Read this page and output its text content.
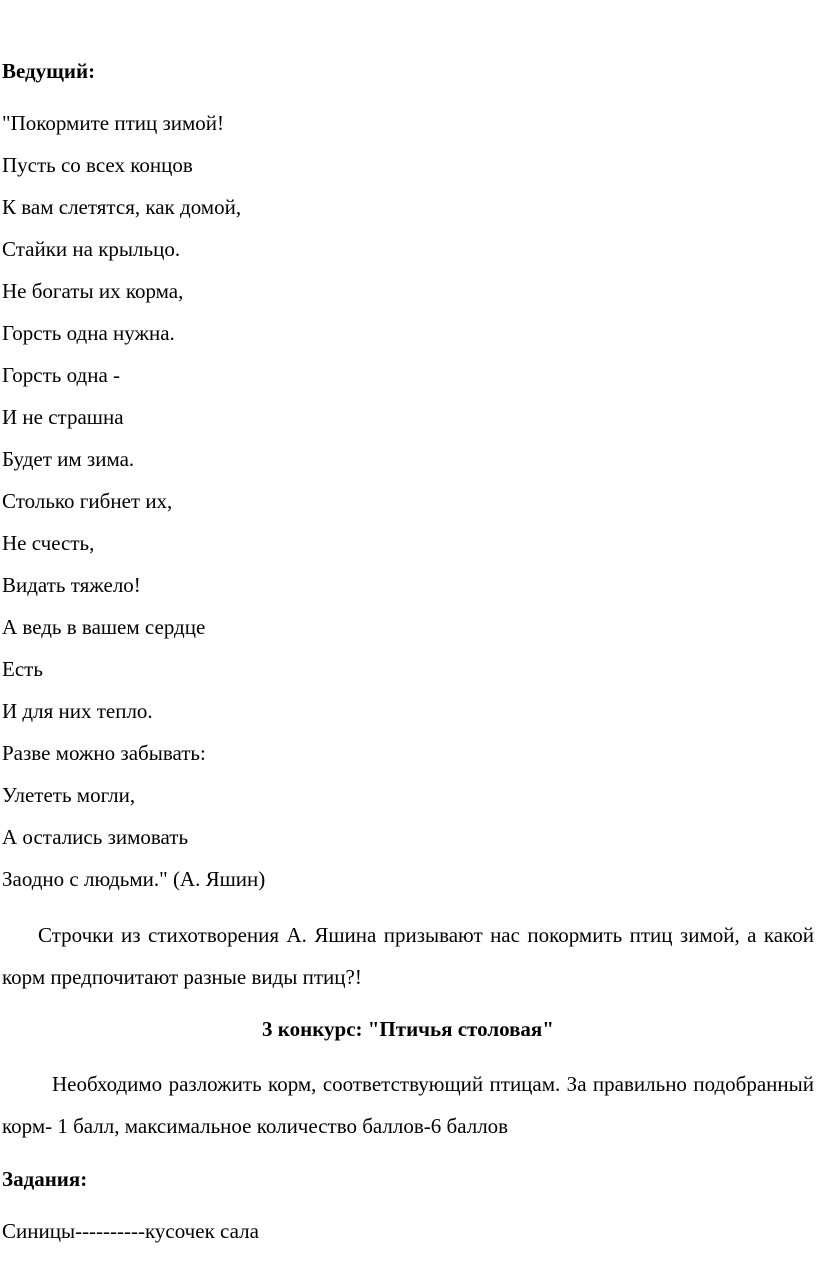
Ведущий:

"Покормите птиц зимой!

Пусть со всех концов

К вам слетятся, как домой,

Стайки на крыльцо.

Не богаты их корма,

Горсть одна нужна.

Горсть одна -

И не страшна

Будет им зима.

Столько гибнет их,

Не счесть,

Видать тяжело!

А ведь в вашем сердце

Есть

И для них тепло.

Разве можно забывать:

Улететь могли,

А остались зимовать

Заодно с людьми." (А. Яшин)

Строчки из стихотворения А. Яшина призывают нас покормить птиц зимой, а какой корм предпочитают разные виды птиц?!

3 конкурс: "Птичья столовая"

Необходимо разложить корм, соответствующий птицам. За правильно подобранный корм- 1 балл, максимальное количество баллов-6 баллов

Задания:

Синицы----------кусочек сала
